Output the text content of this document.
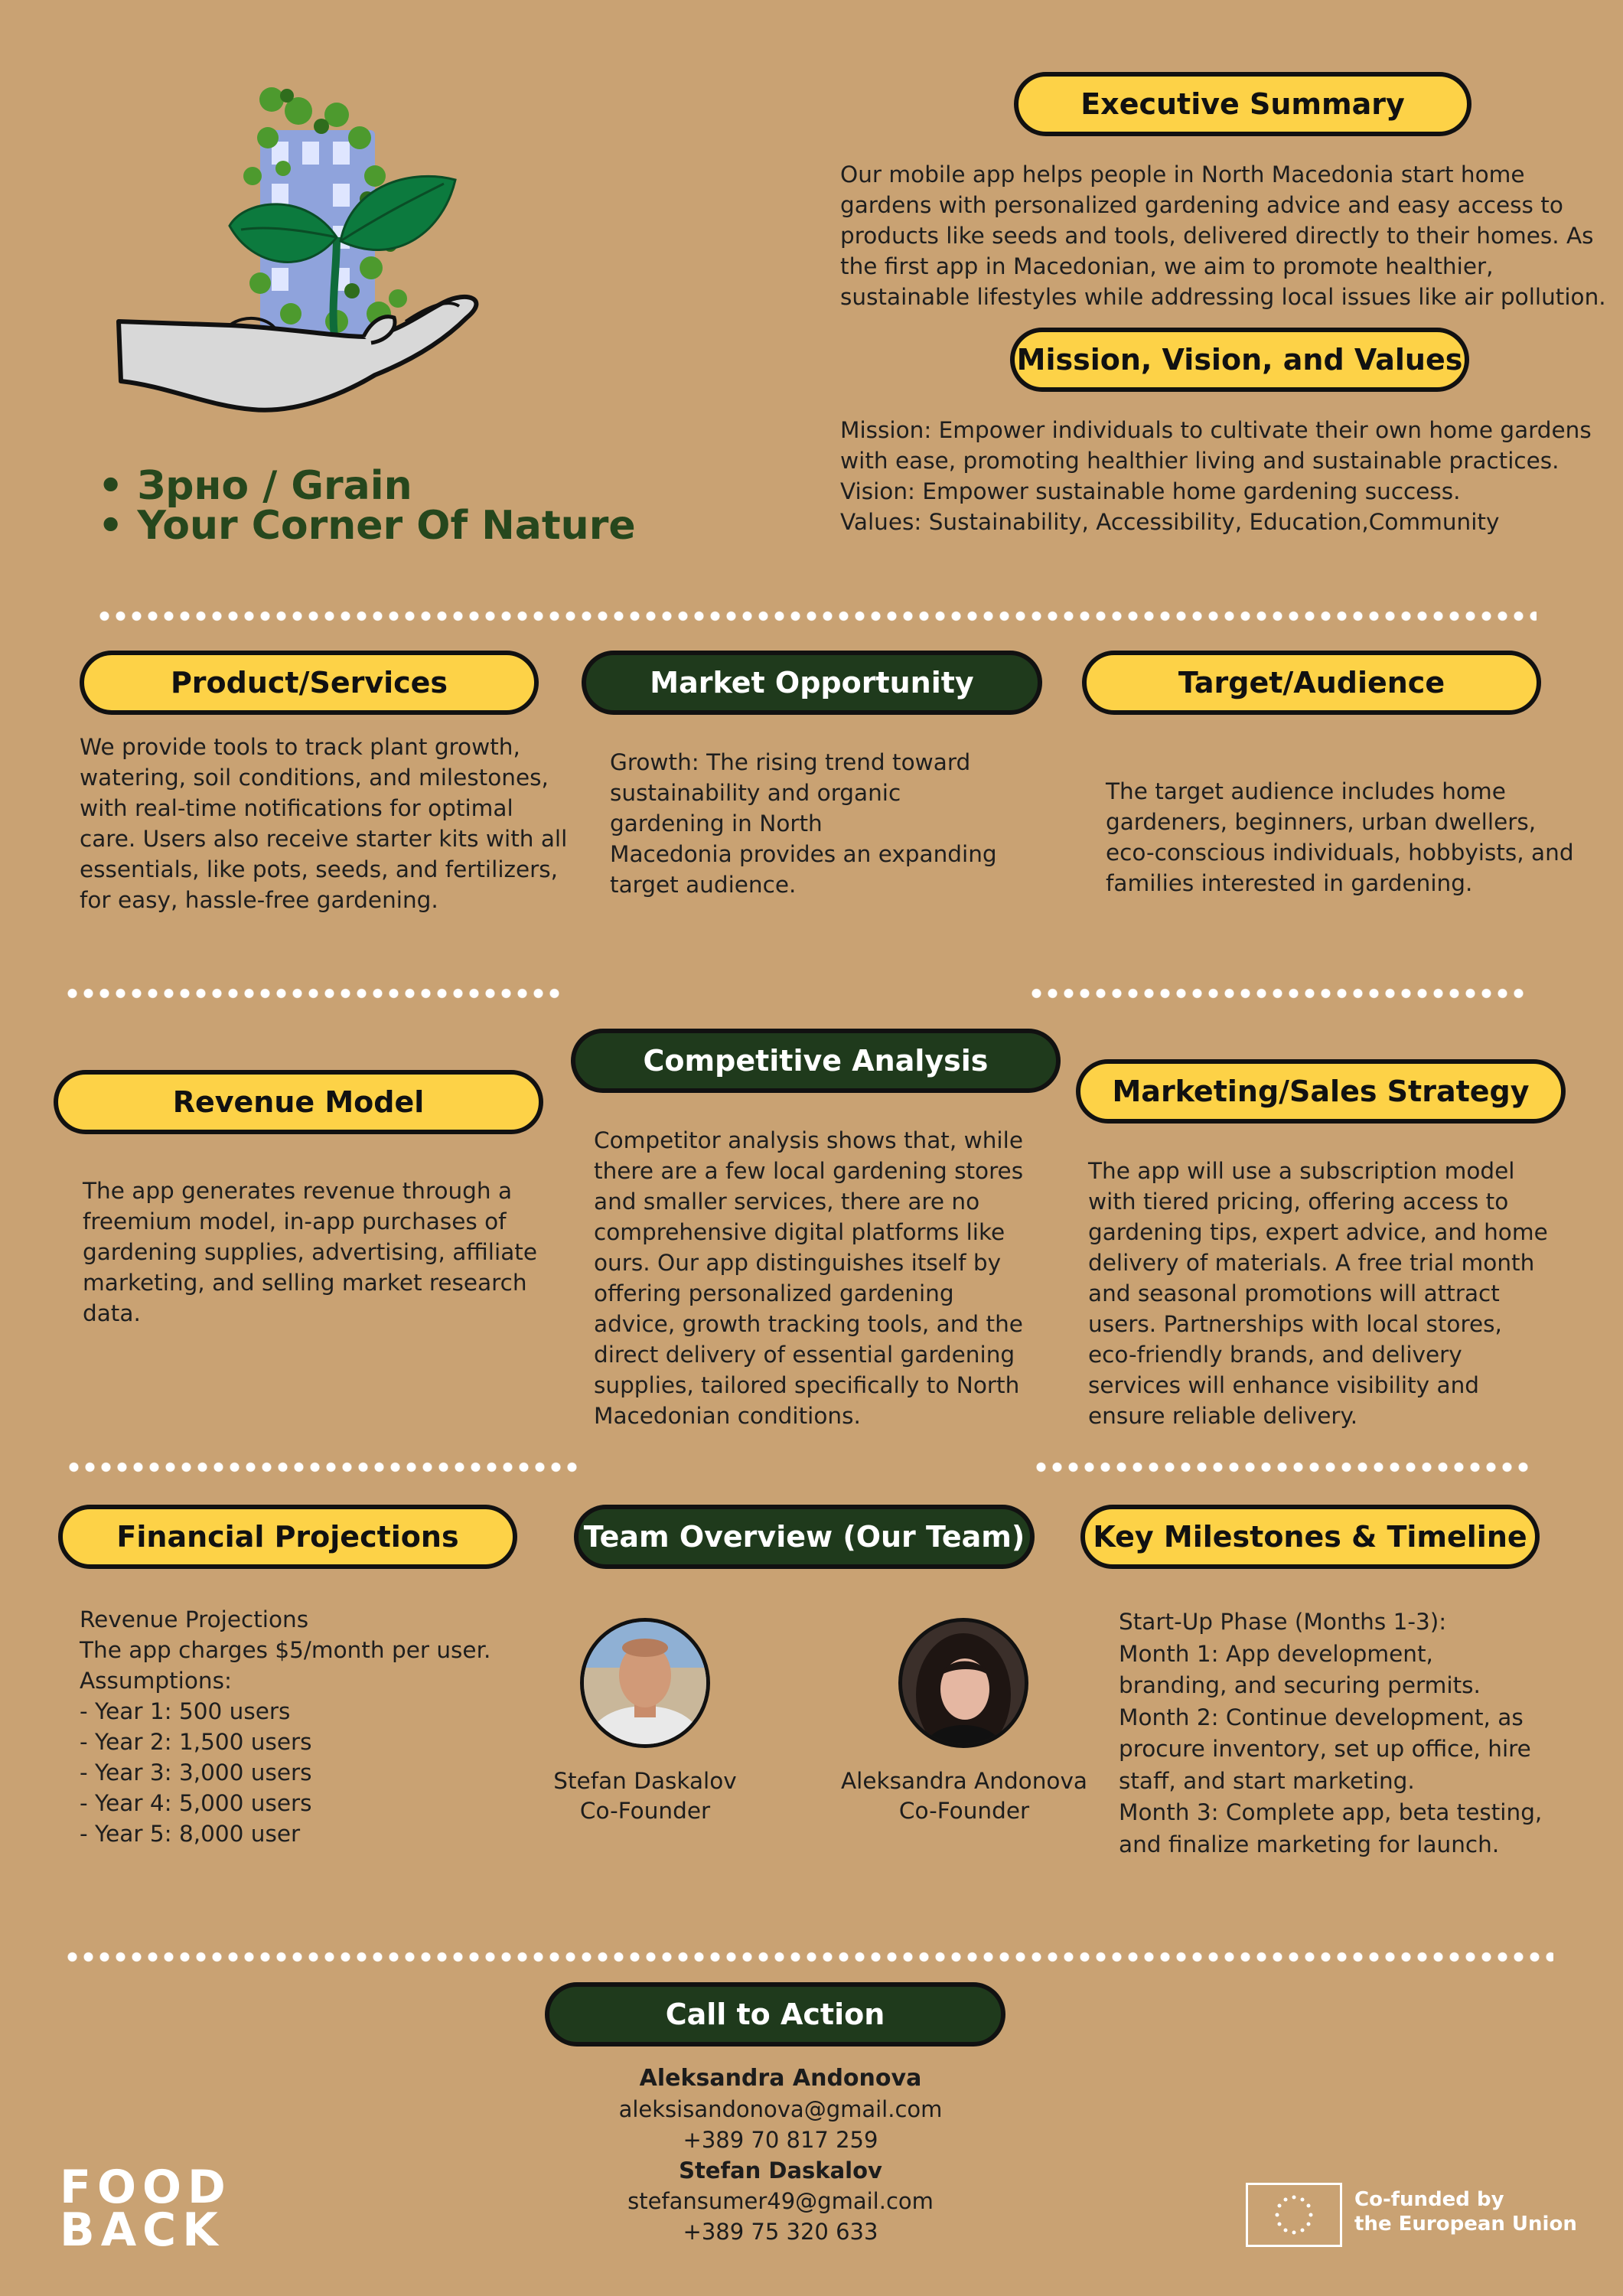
• Зрно / Grain
• Your Corner Of Nature
Executive Summary
Our mobile app helps people in North Macedonia start home
gardens with personalized gardening advice and easy access to
products like seeds and tools, delivered directly to their homes. As
the first app in Macedonian, we aim to promote healthier,
sustainable lifestyles while addressing local issues like air pollution.
Mission, Vision, and Values
Mission: Empower individuals to cultivate their own home gardens
with ease, promoting healthier living and sustainable practices.
Vision: Empower sustainable home gardening success.
Values: Sustainability, Accessibility, Education,Community
Product/Services
We provide tools to track plant growth,
watering, soil conditions, and milestones,
with real-time notifications for optimal
care. Users also receive starter kits with all
essentials, like pots, seeds, and fertilizers,
for easy, hassle-free gardening.
Market Opportunity
Growth: The rising trend toward
sustainability and organic
gardening in North
Macedonia provides an expanding
target audience.
Target/Audience
The target audience includes home
gardeners, beginners, urban dwellers,
eco-conscious individuals, hobbyists, and
families interested in gardening.
Revenue Model
The app generates revenue through a
freemium model, in-app purchases of
gardening supplies, advertising, affiliate
marketing, and selling market research
data.
Competitive Analysis
Competitor analysis shows that, while
there are a few local gardening stores
and smaller services, there are no
comprehensive digital platforms like
ours. Our app distinguishes itself by
offering personalized gardening
advice, growth tracking tools, and the
direct delivery of essential gardening
supplies, tailored specifically to North
Macedonian conditions.
Marketing/Sales Strategy
The app will use a subscription model
with tiered pricing, offering access to
gardening tips, expert advice, and home
delivery of materials. A free trial month
and seasonal promotions will attract
users. Partnerships with local stores,
eco-friendly brands, and delivery
services will enhance visibility and
ensure reliable delivery.
Financial Projections
Revenue Projections
The app charges $5/month per user.
Assumptions:
- Year 1: 500 users
- Year 2: 1,500 users
- Year 3: 3,000 users
- Year 4: 5,000 users
- Year 5: 8,000 user
Team Overview (Our Team)
Stefan Daskalov
Co-Founder
Aleksandra Andonova
Co-Founder
Key Milestones & Timeline
Start-Up Phase (Months 1-3):
Month 1: App development,
branding, and securing permits.
Month 2: Continue development, as
procure inventory, set up office, hire
staff, and start marketing.
Month 3: Complete app, beta testing,
and finalize marketing for launch.
Call to Action
Aleksandra Andonova
aleksisandonova@gmail.com
+389 70 817 259
Stefan Daskalov
stefansumer49@gmail.com
+389 75 320 633
FOOD
BACK
Co-funded by
the European Union
